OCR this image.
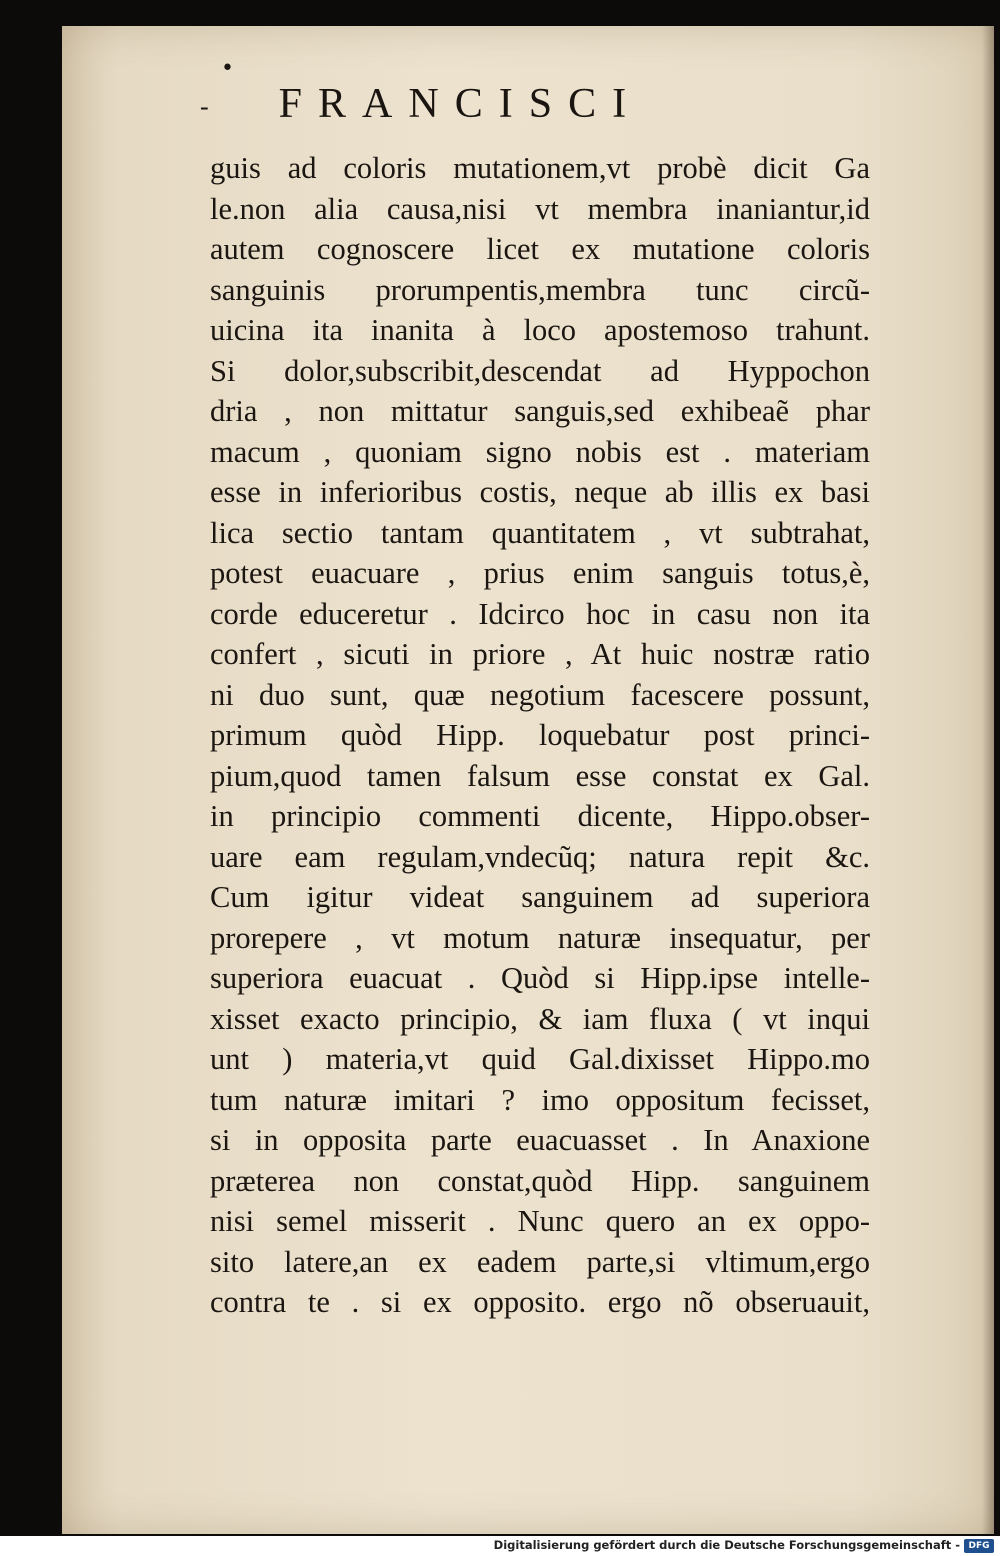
•
- FRANCISCI
guis ad coloris mutationem,vt probè dicit Ga
le.non alia causa,nisi vt membra inaniantur,id
autem cognoscere licet ex mutatione coloris
sanguinis prorumpentis,membra tunc circũ-
uicina ita inanita à loco apostemoso trahunt.
Si dolor,subscribit,descendat ad Hyppochon
dria , non mittatur sanguis,sed exhibeaẽ phar
macum , quoniam signo nobis est . materiam
esse in inferioribus costis, neque ab illis ex basi
lica sectio tantam quantitatem , vt subtrahat,
potest euacuare , prius enim sanguis totus,è,
corde educeretur . Idcirco hoc in casu non ita
confert , sicuti in priore , At huic nostræ ratio
ni duo sunt, quæ negotium facescere possunt,
primum quòd Hipp. loquebatur post princi-
pium,quod tamen falsum esse constat ex Gal.
in principio commenti dicente, Hippo.obser-
uare eam regulam,vndecũq; natura repit &c.
Cum igitur videat sanguinem ad superiora
prorepere , vt motum naturæ insequatur, per
superiora euacuat . Quòd si Hipp.ipse intelle-
xisset exacto principio, & iam fluxa ( vt inqui
unt ) materia,vt quid Gal.dixisset Hippo.mo
tum naturæ imitari ? imo oppositum fecisset,
si in opposita parte euacuasset . In Anaxione
præterea non constat,quòd Hipp. sanguinem
nisi semel misserit . Nunc quero an ex oppo-
sito latere,an ex eadem parte,si vltimum,ergo
contra te . si ex opposito. ergo nõ obseruauit,
Digitalisierung gefördert durch die Deutsche Forschungsgemeinschaft - DFG
